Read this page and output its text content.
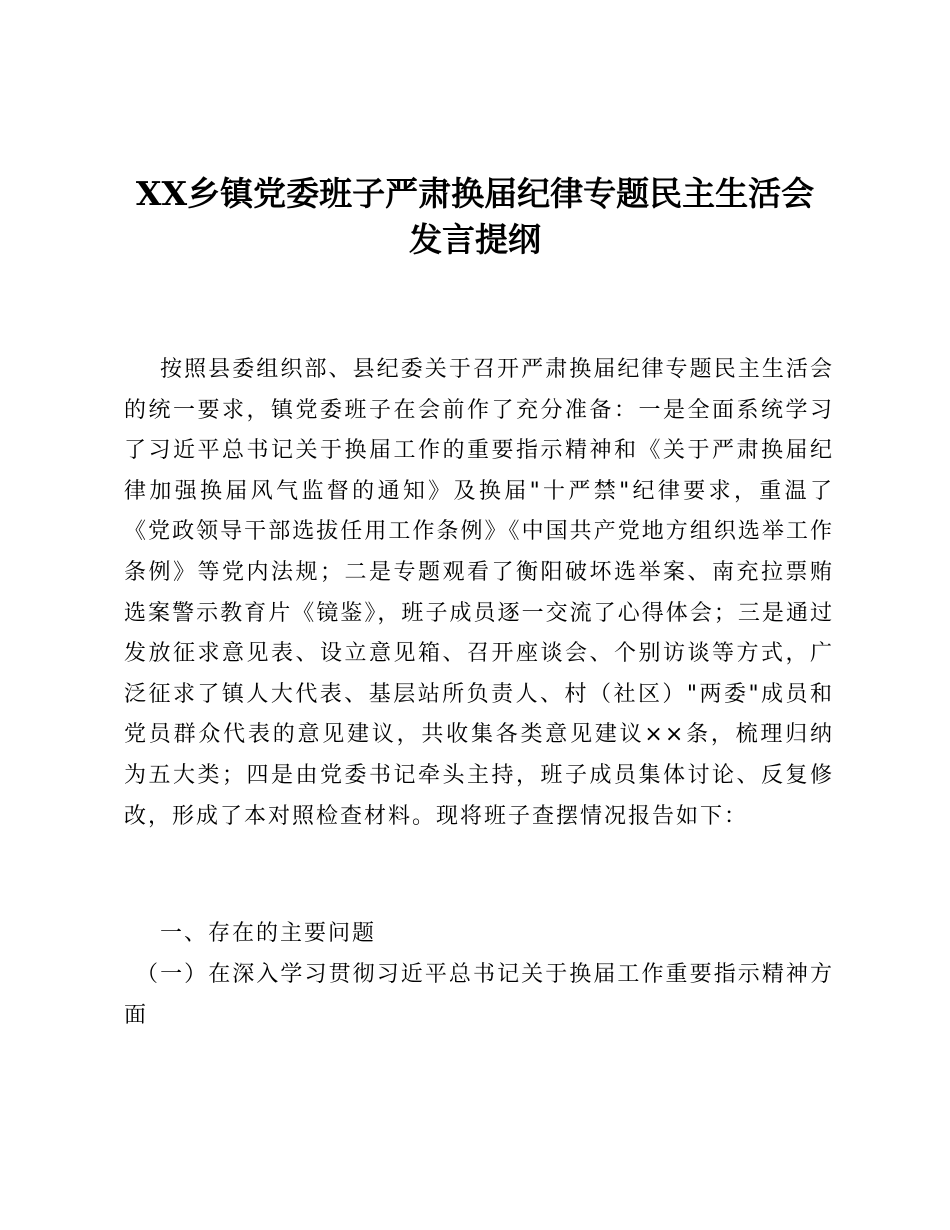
XX乡镇党委班子严肃换届纪律专题民主生活会
发言提纲

按照县委组织部、县纪委关于召开严肃换届纪律专题民主生活会的统一要求，镇党委班子在会前作了充分准备：一是全面系统学习了习近平总书记关于换届工作的重要指示精神和《关于严肃换届纪律加强换届风气监督的通知》及换届"十严禁"纪律要求，重温了《党政领导干部选拔任用工作条例》《中国共产党地方组织选举工作条例》等党内法规；二是专题观看了衡阳破坏选举案、南充拉票贿选案警示教育片《镜鉴》，班子成员逐一交流了心得体会；三是通过发放征求意见表、设立意见箱、召开座谈会、个别访谈等方式，广泛征求了镇人大代表、基层站所负责人、村（社区）"两委"成员和党员群众代表的意见建议，共收集各类意见建议××条，梳理归纳为五大类；四是由党委书记牵头主持，班子成员集体讨论、反复修改，形成了本对照检查材料。现将班子查摆情况报告如下：

一、存在的主要问题

（一）在深入学习贯彻习近平总书记关于换届工作重要指示精神方面
